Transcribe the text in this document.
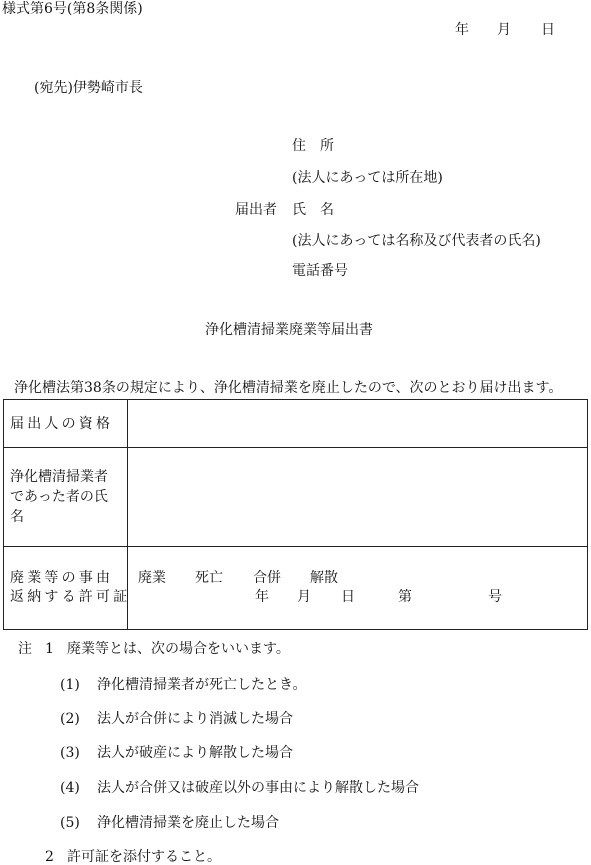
様式第6号(第8条関係)
年 月 日
(宛先)伊勢崎市長
住　所
(法人にあっては所在地)
届出者 氏　名
(法人にあっては名称及び代表者の氏名)
電話番号
浄化槽清掃業廃業等届出書
浄化槽法第38条の規定により、浄化槽清掃業を廃止したので、次のとおり届け出ます。
届出人の資格
浄化槽清掃業者
であった者の氏
名
廃業等の事由
返納する許可証
廃業 死亡 合併 解散
年 月 日	第	号
注 1 廃業等とは、次の場合をいいます。
(1) 浄化槽清掃業者が死亡したとき。
(2) 法人が合併により消滅した場合
(3) 法人が破産により解散した場合
(4) 法人が合併又は破産以外の事由により解散した場合
(5) 浄化槽清掃業を廃止した場合
2 許可証を添付すること。
